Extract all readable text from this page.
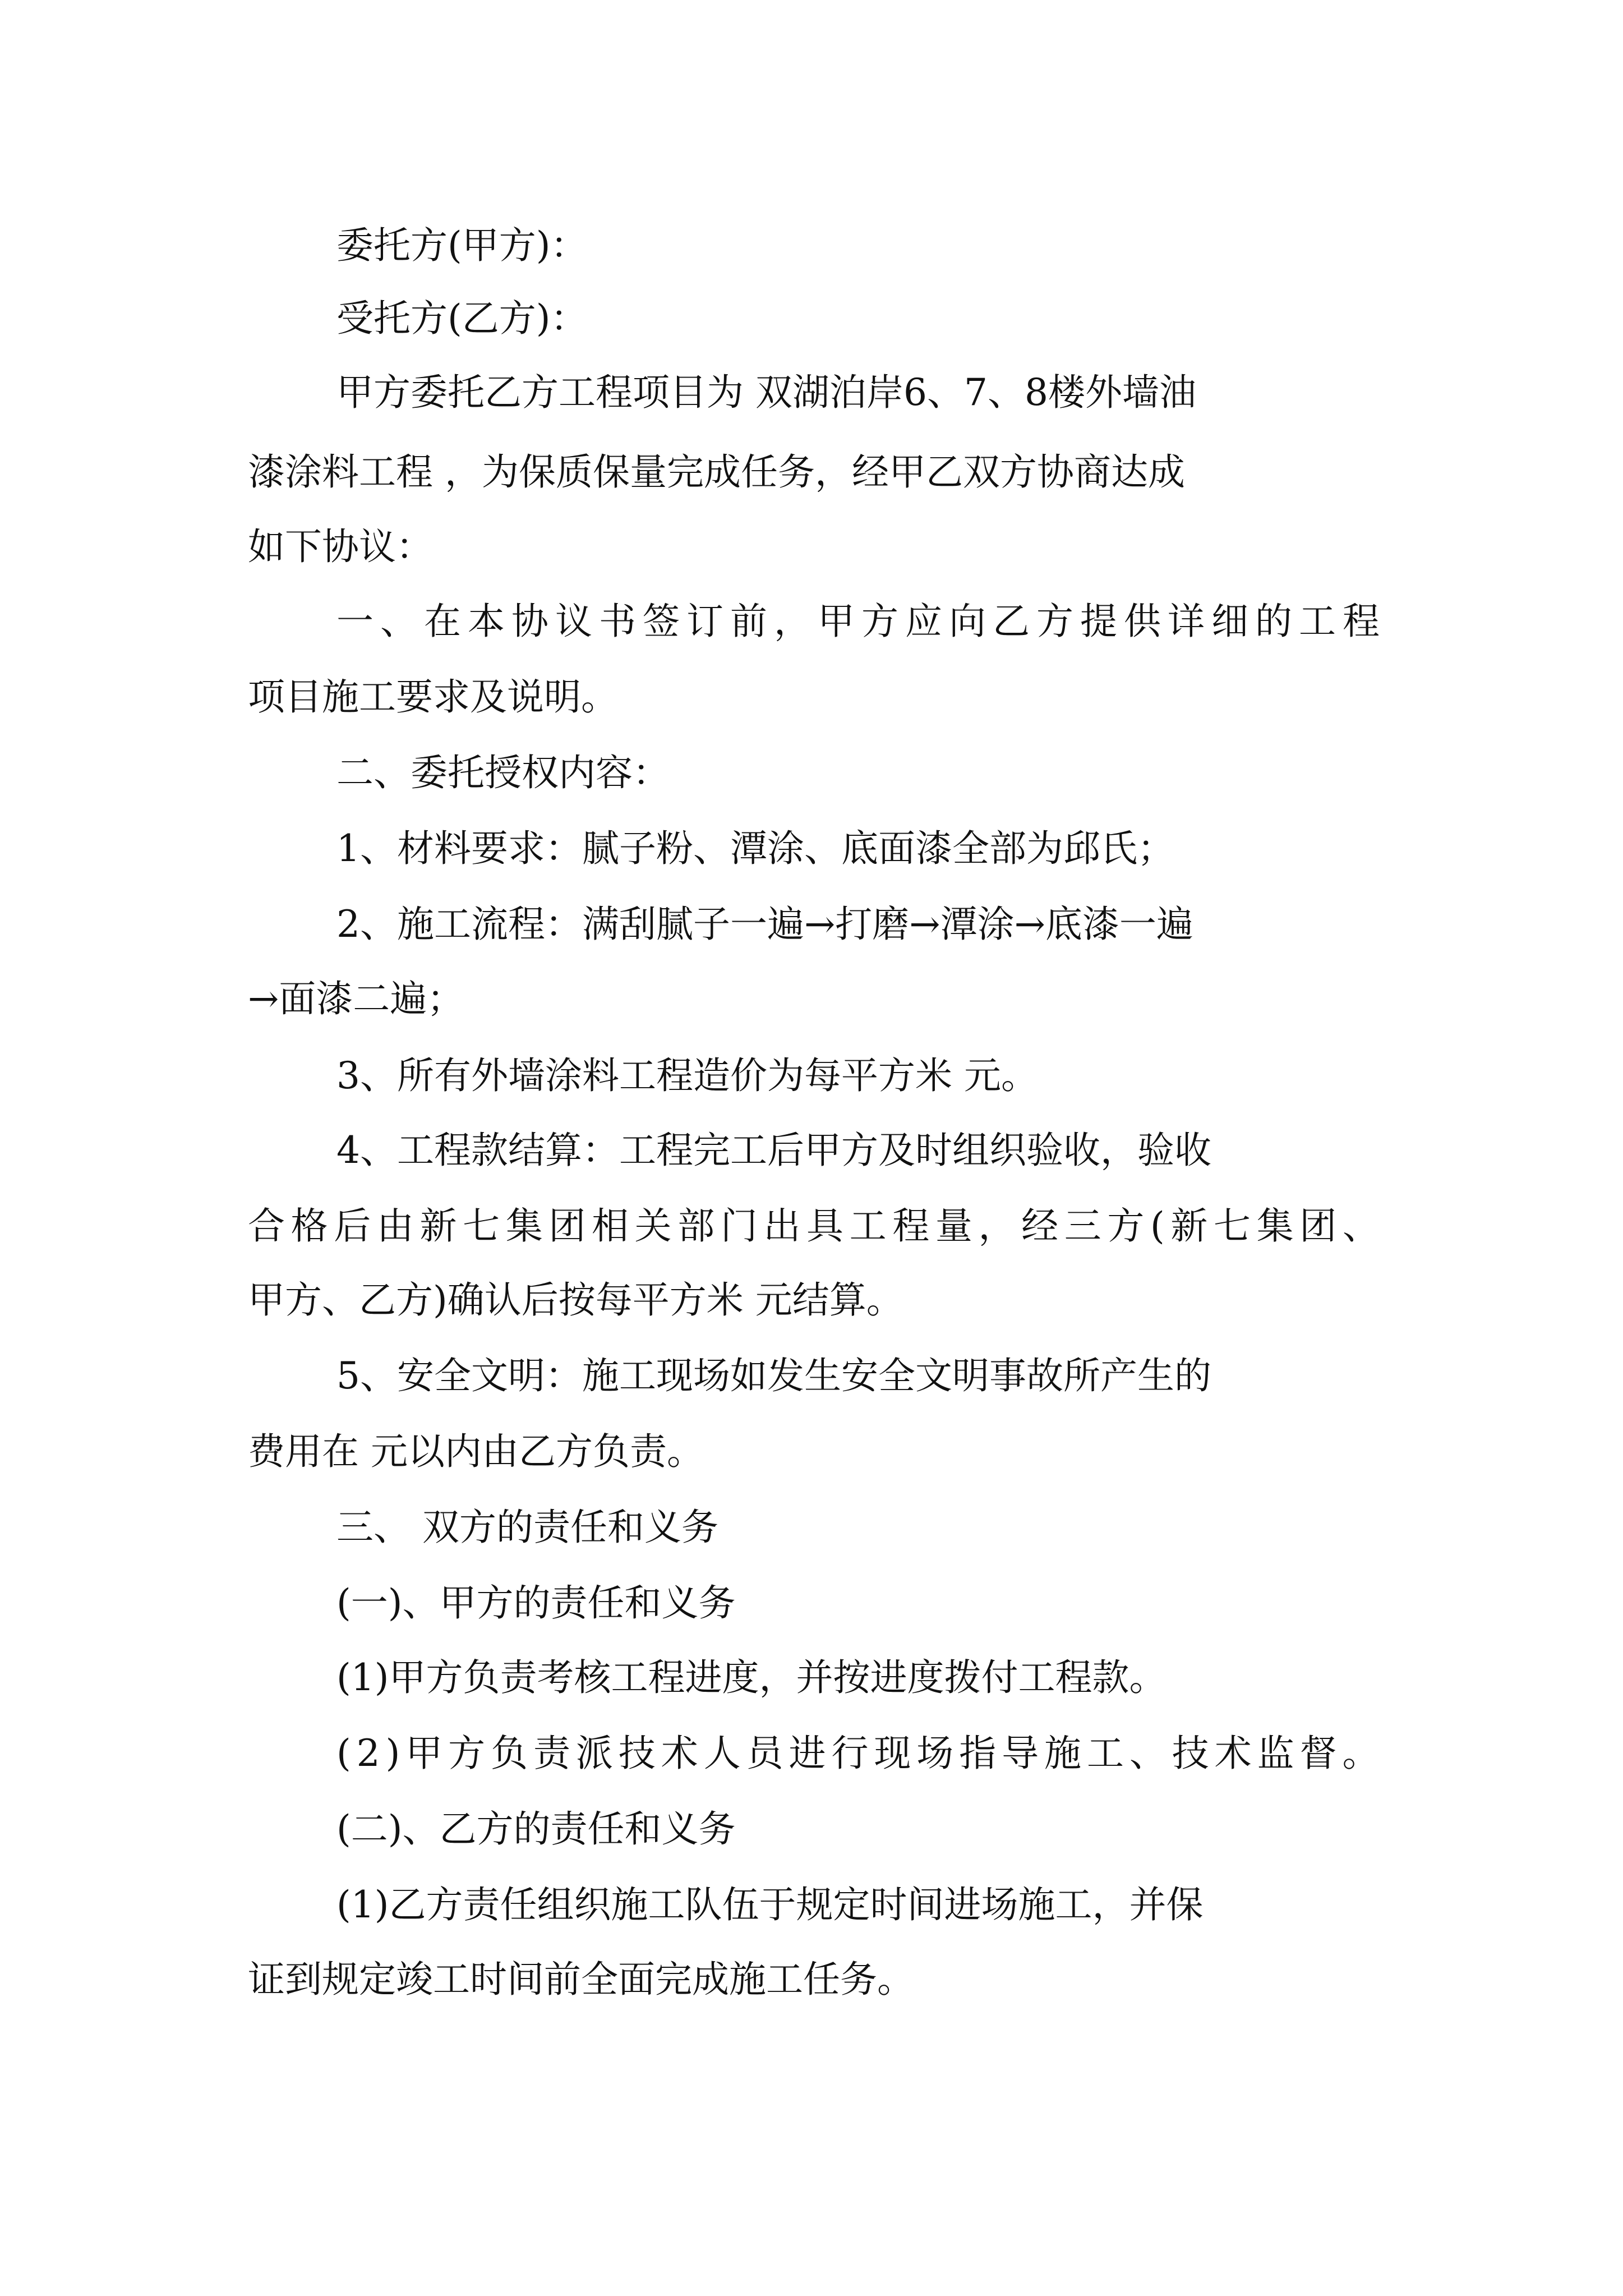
委托方(甲方)：

受托方(乙方)：

甲方委托乙方工程项目为 双湖泊岸6、7、8楼外墙油

漆涂料工程 ，为保质保量完成任务，经甲乙双方协商达成

如下协议：

一、在本协议书签订前，甲方应向乙方提供详细的工程

项目施工要求及说明。

二、委托授权内容：

1、材料要求：腻子粉、潭涂、底面漆全部为邱氏；

2、施工流程：满刮腻子一遍→打磨→潭涂→底漆一遍

→面漆二遍；

3、所有外墙涂料工程造价为每平方米 元。

4、工程款结算：工程完工后甲方及时组织验收，验收

合格后由新七集团相关部门出具工程量，经三方(新七集团、

甲方、乙方)确认后按每平方米 元结算。

5、安全文明：施工现场如发生安全文明事故所产生的

费用在 元以内由乙方负责。

三、 双方的责任和义务

(一)、甲方的责任和义务

(1)甲方负责考核工程进度，并按进度拨付工程款。

(2)甲方负责派技术人员进行现场指导施工、技术监督。

(二)、乙方的责任和义务

(1)乙方责任组织施工队伍于规定时间进场施工，并保

证到规定竣工时间前全面完成施工任务。
